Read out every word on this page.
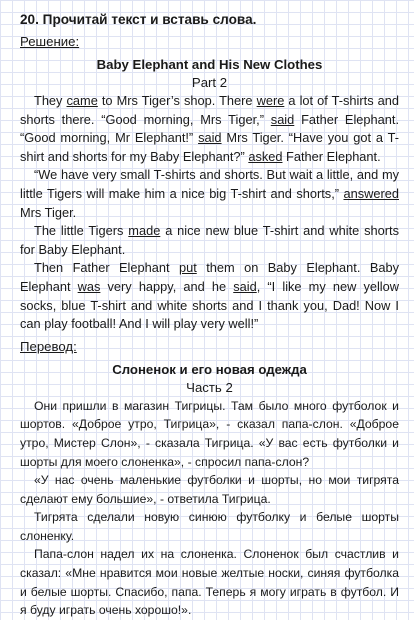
20. Прочитай текст и вставь слова.
Решение:
Baby Elephant and His New Clothes
Part 2

They came to Mrs Tiger’s shop. There were a lot of T-shirts and shorts there. “Good morning, Mrs Tiger,” said Father Elephant. “Good morning, Mr Elephant!” said Mrs Tiger. “Have you got a T-shirt and shorts for my Baby Elephant?” asked Father Elephant.

“We have very small T-shirts and shorts. But wait a little, and my little Tigers will make him a nice big T-shirt and shorts,” answered Mrs Tiger.

The little Tigers made a nice new blue T-shirt and white shorts for Baby Elephant.

Then Father Elephant put them on Baby Elephant. Baby Elephant was very happy, and he said, “I like my new yellow socks, blue T-shirt and white shorts and I thank you, Dad! Now I can play football! And I will play very well!”

Перевод:
Слоненок и его новая одежда
Часть 2

Они пришли в магазин Тигрицы. Там было много футболок и шортов. «Доброе утро, Тигрица», - сказал папа-слон. «Доброе утро, Мистер Слон», - сказала Тигрица. «У вас есть футболки и шорты для моего слоненка», - спросил папа-слон?

«У нас очень маленькие футболки и шорты, но мои тигрята сделают ему большие», - ответила Тигрица.

Тигрята сделали новую синюю футболку и белые шорты слоненку.

Папа-слон надел их на слоненка. Слоненок был счастлив и сказал: «Мне нравится мои новые желтые носки, синяя футболка и белые шорты. Спасибо, папа. Теперь я могу играть в футбол. И я буду играть очень хорошо!».
